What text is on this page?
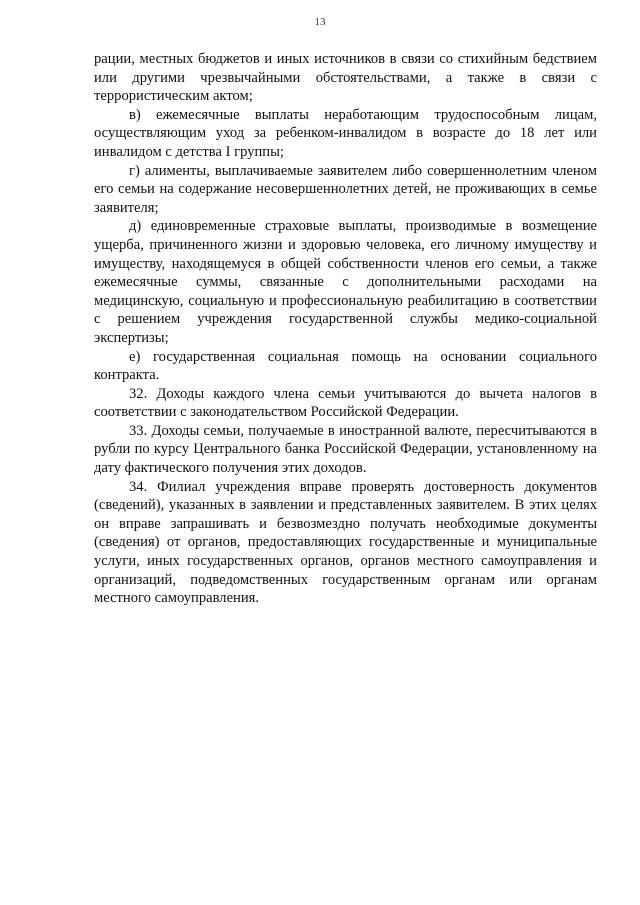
13

рации, местных бюджетов и иных источников в связи со стихийным бедствием или другими чрезвычайными обстоятельствами, а также в связи с террористическим актом;

в) ежемесячные выплаты неработающим трудоспособным лицам, осуществляющим уход за ребенком-инвалидом в возрасте до 18 лет или инвалидом с детства I группы;

г) алименты, выплачиваемые заявителем либо совершеннолетним членом его семьи на содержание несовершеннолетних детей, не проживающих в семье заявителя;

д) единовременные страховые выплаты, производимые в возмещение ущерба, причиненного жизни и здоровью человека, его личному имуществу и имуществу, находящемуся в общей собственности членов его семьи, а также ежемесячные суммы, связанные с дополнительными расходами на медицинскую, социальную и профессиональную реабилитацию в соответствии с решением учреждения государственной службы медико-социальной экспертизы;

е) государственная социальная помощь на основании социального контракта.

32. Доходы каждого члена семьи учитываются до вычета налогов в соответствии с законодательством Российской Федерации.

33. Доходы семьи, получаемые в иностранной валюте, пересчитываются в рубли по курсу Центрального банка Российской Федерации, установленному на дату фактического получения этих доходов.

34. Филиал учреждения вправе проверять достоверность документов (сведений), указанных в заявлении и представленных заявителем. В этих целях он вправе запрашивать и безвозмездно получать необходимые документы (сведения) от органов, предоставляющих государственные и муниципальные услуги, иных государственных органов, органов местного самоуправления и организаций, подведомственных государственным органам или органам местного самоуправления.
